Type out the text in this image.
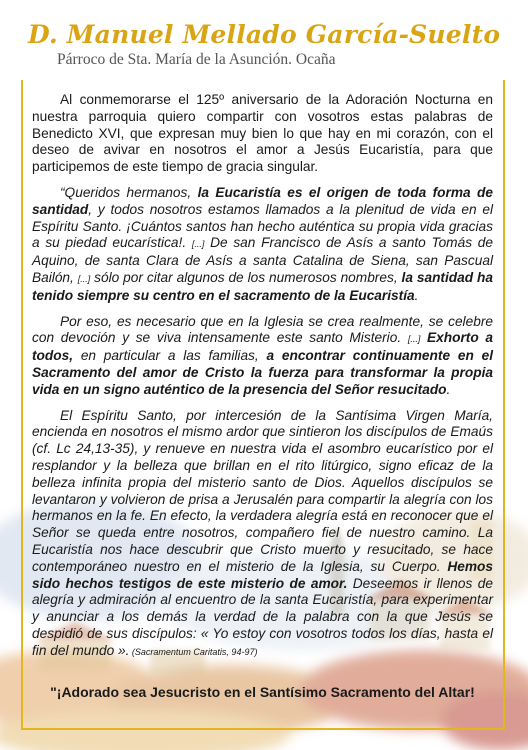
D. Manuel Mellado García-Suelto
Párroco de Sta. María de la Asunción. Ocaña

Al conmemorarse el 125º aniversario de la Adoración Nocturna en nuestra parroquia quiero compartir con vosotros estas palabras de Benedicto XVI, que expresan muy bien lo que hay en mi corazón, con el deseo de avivar en nosotros el amor a Jesús Eucaristía, para que participemos de este tiempo de gracia singular.

“Queridos hermanos, la Eucaristía es el origen de toda forma de santidad, y todos nosotros estamos llamados a la plenitud de vida en el Espíritu Santo. ¡Cuántos santos han hecho auténtica su propia vida gracias a su piedad eucarística!. [...] De san Francisco de Asís a santo Tomás de Aquino, de santa Clara de Asís a santa Catalina de Siena, san Pascual Bailón, [...] sólo por citar algunos de los numerosos nombres, la santidad ha tenido siempre su centro en el sacramento de la Eucaristía.

Por eso, es necesario que en la Iglesia se crea realmente, se celebre con devoción y se viva intensamente este santo Misterio. [...] Exhorto a todos, en particular a las familias, a encontrar continuamente en el Sacramento del amor de Cristo la fuerza para transformar la propia vida en un signo auténtico de la presencia del Señor resucitado.

El Espíritu Santo, por intercesión de la Santísima Virgen María, encienda en nosotros el mismo ardor que sintieron los discípulos de Emaús (cf. Lc 24,13-35), y renueve en nuestra vida el asombro eucarístico por el resplandor y la belleza que brillan en el rito litúrgico, signo eficaz de la belleza infinita propia del misterio santo de Dios. Aquellos discípulos se levantaron y volvieron de prisa a Jerusalén para compartir la alegría con los hermanos en la fe. En efecto, la verdadera alegría está en reconocer que el Señor se queda entre nosotros, compañero fiel de nuestro camino. La Eucaristía nos hace descubrir que Cristo muerto y resucitado, se hace contemporáneo nuestro en el misterio de la Iglesia, su Cuerpo. Hemos sido hechos testigos de este misterio de amor. Deseemos ir llenos de alegría y admiración al encuentro de la santa Eucaristía, para experimentar y anunciar a los demás la verdad de la palabra con la que Jesús se despidió de sus discípulos: « Yo estoy con vosotros todos los días, hasta el fin del mundo ». (Sacramentum Caritatis, 94-97)

"¡Adorado sea Jesucristo en el Santísimo Sacramento del Altar!
